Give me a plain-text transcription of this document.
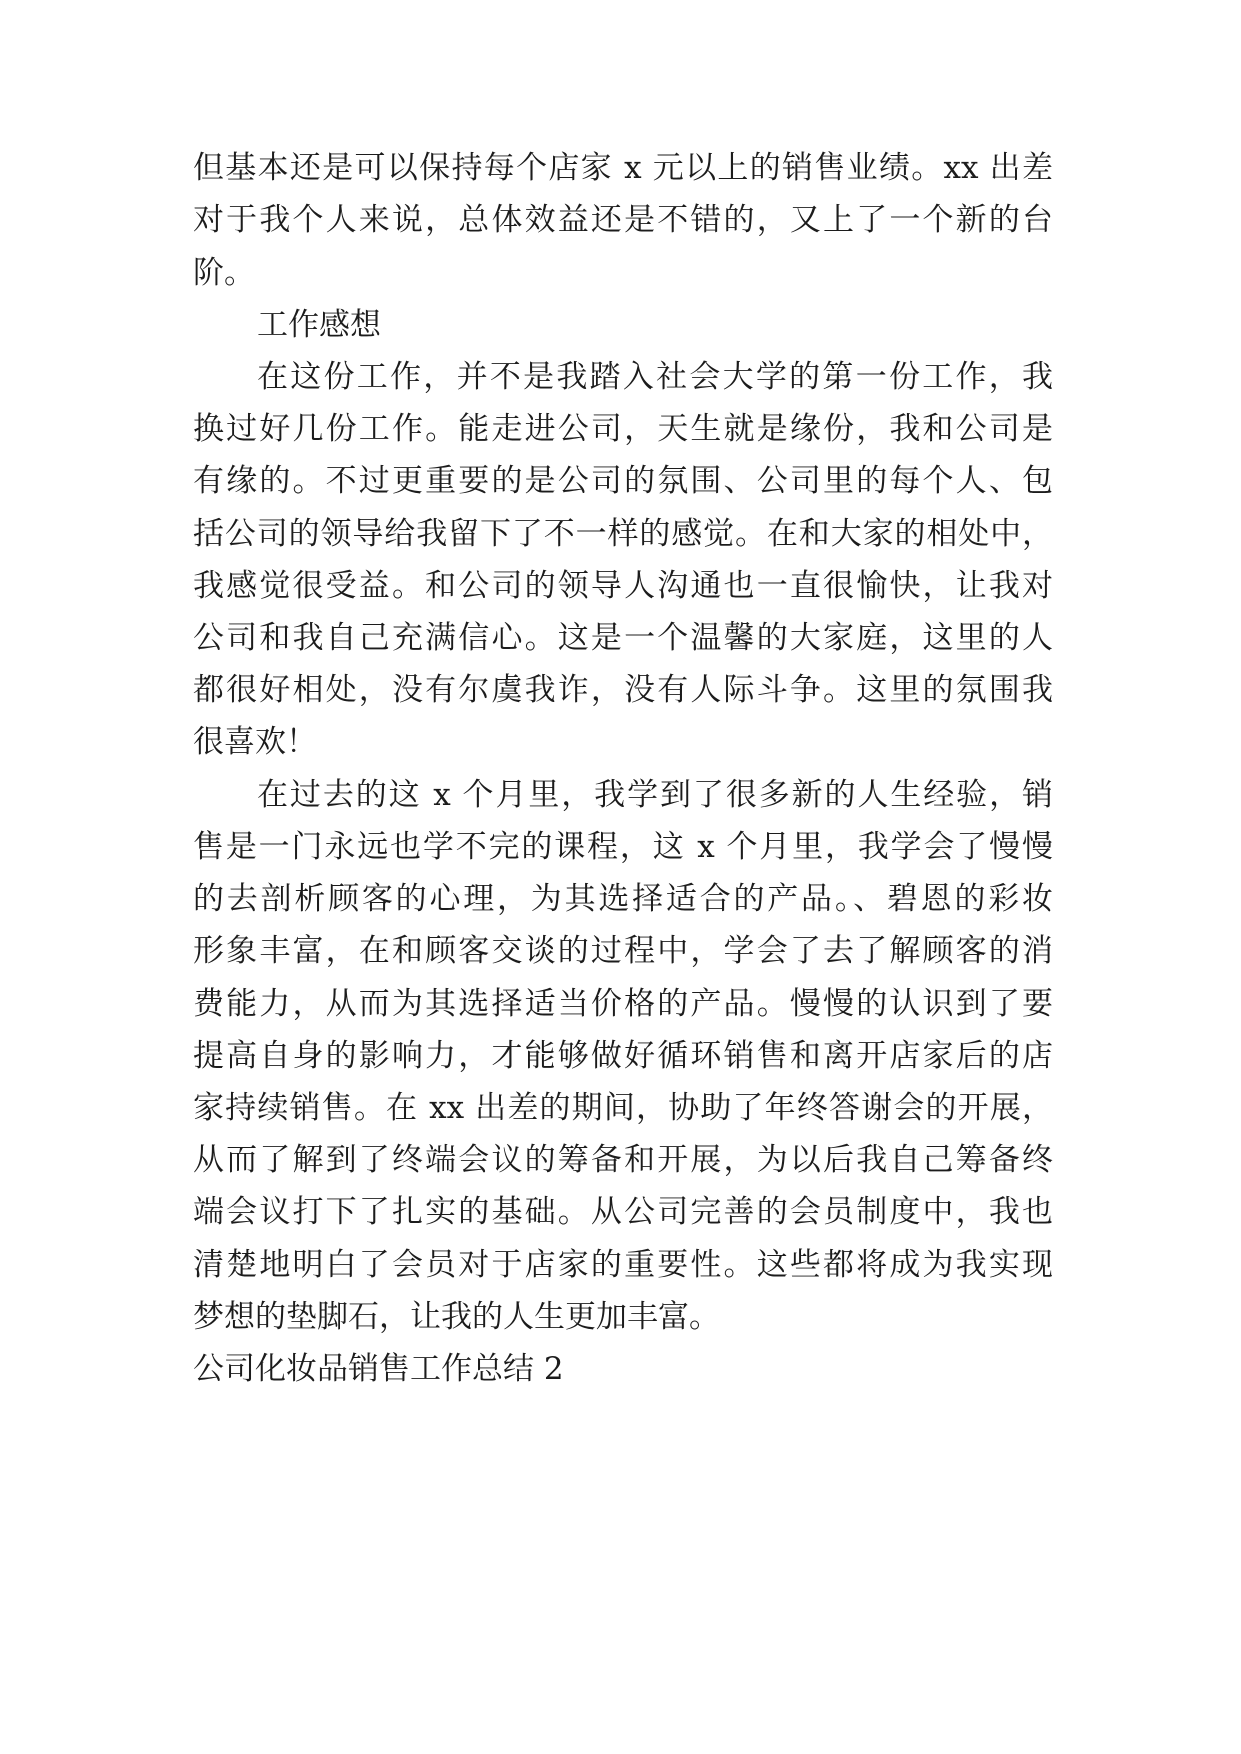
但基本还是可以保持每个店家 x 元以上的销售业绩。xx 出差

对于我个人来说，总体效益还是不错的，又上了一个新的台

阶。

工作感想

在这份工作，并不是我踏入社会大学的第一份工作，我

换过好几份工作。能走进公司，天生就是缘份，我和公司是

有缘的。不过更重要的是公司的氛围、公司里的每个人、包

括公司的领导给我留下了不一样的感觉。在和大家的相处中，

我感觉很受益。和公司的领导人沟通也一直很愉快，让我对

公司和我自己充满信心。这是一个温馨的大家庭，这里的人

都很好相处，没有尔虞我诈，没有人际斗争。这里的氛围我

很喜欢！

在过去的这 x 个月里，我学到了很多新的人生经验，销

售是一门永远也学不完的课程，这 x 个月里，我学会了慢慢

的去剖析顾客的心理，为其选择适合的产品。、碧恩的彩妆

形象丰富，在和顾客交谈的过程中，学会了去了解顾客的消

费能力，从而为其选择适当价格的产品。慢慢的认识到了要

提高自身的影响力，才能够做好循环销售和离开店家后的店

家持续销售。在 xx 出差的期间，协助了年终答谢会的开展，

从而了解到了终端会议的筹备和开展，为以后我自己筹备终

端会议打下了扎实的基础。从公司完善的会员制度中，我也

清楚地明白了会员对于店家的重要性。这些都将成为我实现

梦想的垫脚石，让我的人生更加丰富。

公司化妆品销售工作总结 2
